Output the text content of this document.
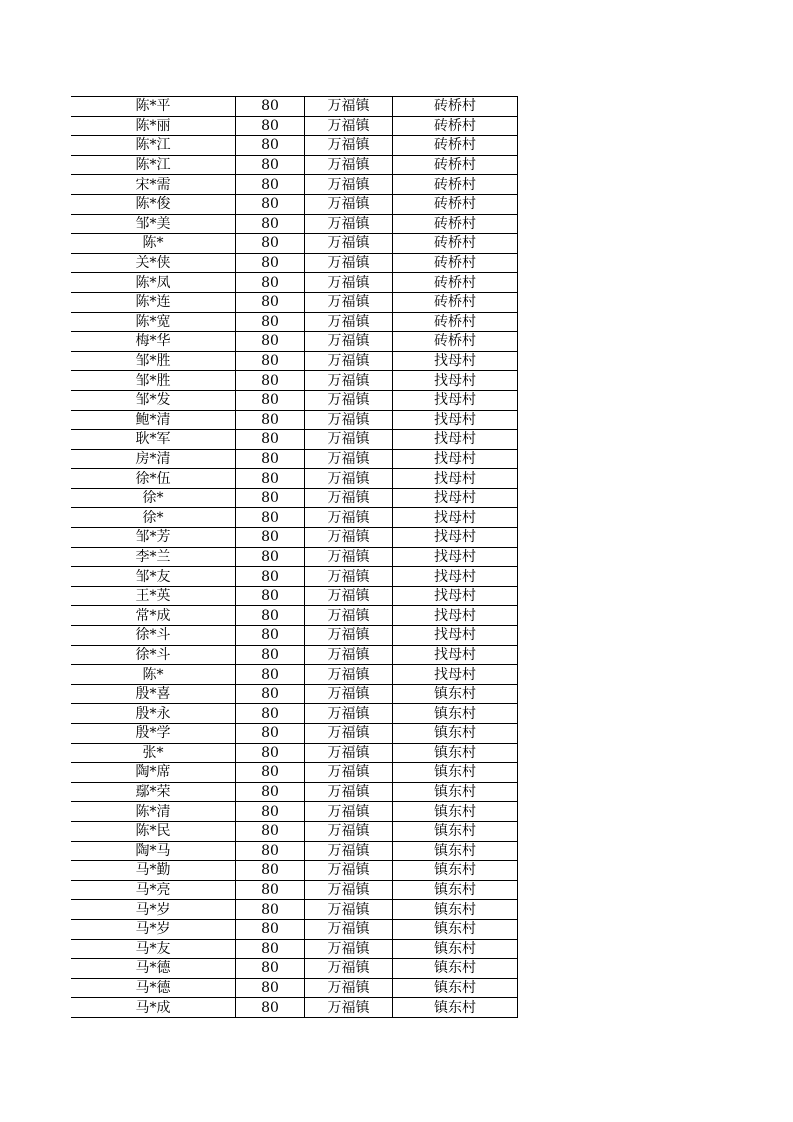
陈*平	80	万福镇	砖桥村
陈*丽	80	万福镇	砖桥村
陈*江	80	万福镇	砖桥村
陈*江	80	万福镇	砖桥村
宋*需	80	万福镇	砖桥村
陈*俊	80	万福镇	砖桥村
邹*美	80	万福镇	砖桥村
陈*	80	万福镇	砖桥村
关*侠	80	万福镇	砖桥村
陈*凤	80	万福镇	砖桥村
陈*连	80	万福镇	砖桥村
陈*宽	80	万福镇	砖桥村
梅*华	80	万福镇	砖桥村
邹*胜	80	万福镇	找母村
邹*胜	80	万福镇	找母村
邹*发	80	万福镇	找母村
鲍*清	80	万福镇	找母村
耿*军	80	万福镇	找母村
房*清	80	万福镇	找母村
徐*伍	80	万福镇	找母村
徐*	80	万福镇	找母村
徐*	80	万福镇	找母村
邹*芳	80	万福镇	找母村
李*兰	80	万福镇	找母村
邹*友	80	万福镇	找母村
王*英	80	万福镇	找母村
常*成	80	万福镇	找母村
徐*斗	80	万福镇	找母村
徐*斗	80	万福镇	找母村
陈*	80	万福镇	找母村
殷*喜	80	万福镇	镇东村
殷*永	80	万福镇	镇东村
殷*学	80	万福镇	镇东村
张*	80	万福镇	镇东村
陶*席	80	万福镇	镇东村
鄢*荣	80	万福镇	镇东村
陈*清	80	万福镇	镇东村
陈*民	80	万福镇	镇东村
陶*马	80	万福镇	镇东村
马*勤	80	万福镇	镇东村
马*亮	80	万福镇	镇东村
马*岁	80	万福镇	镇东村
马*岁	80	万福镇	镇东村
马*友	80	万福镇	镇东村
马*德	80	万福镇	镇东村
马*德	80	万福镇	镇东村
马*成	80	万福镇	镇东村
